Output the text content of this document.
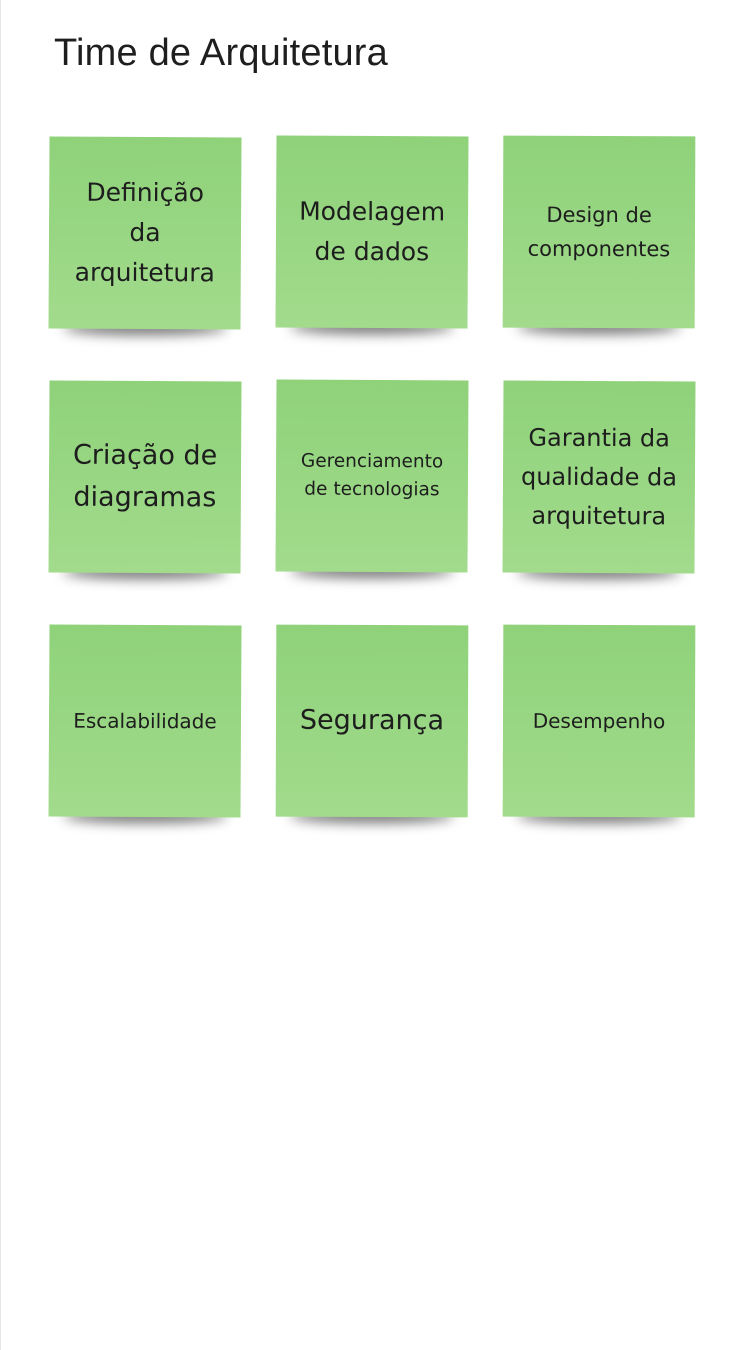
Time de Arquitetura
Definição da arquitetura
Modelagem de dados
Design de componentes
Criação de diagramas
Gerenciamento de tecnologias
Garantia da qualidade da arquitetura
Escalabilidade	Segurança	Desempenho
